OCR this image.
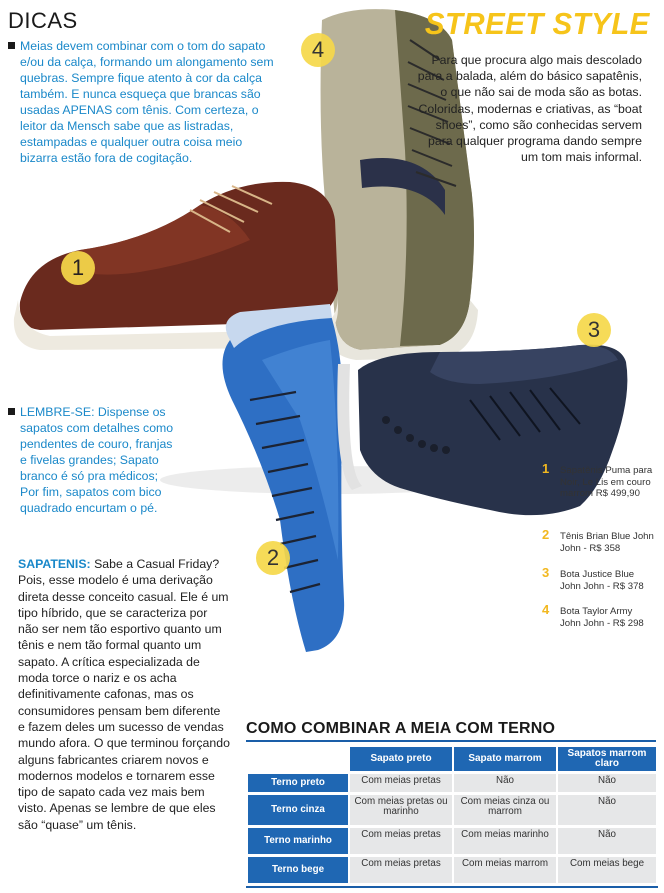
1
2
3
4
DICAS
Meias devem combinar com o tom do sapato e/ou da calça, formando um alongamento sem quebras. Sempre fique atento à cor da calça também. E nunca esqueça que brancas são usadas APENAS com tênis. Com certeza, o leitor da Mensch sabe que as listradas, estampadas e qualquer outra coisa meio bizarra estão fora de cogitação.
LEMBRE-SE: Dispense os sapatos com detalhes como pendentes de couro, franjas e fivelas grandes; Sapato branco é só pra médicos; Por fim, sapatos com bico quadrado encurtam o pé.
STREET STYLE
Para que procura algo mais descolado para a balada, além do básico sapatênis, o que não sai de moda são as botas. Coloridas, modernas e criativas, as “boat shoes”, como são conhecidas servem para qualquer programa dando sempre um tom mais informal.
SAPATENIS: Sabe a Casual Friday? Pois, esse modelo é uma derivação direta desse conceito casual. Ele é um tipo híbrido, que se caracteriza por não ser nem tão esportivo quanto um tênis e nem tão formal quanto um sapato. A crítica especializada de moda torce o nariz e os acha definitivamente cafonas, mas os consumidores pensam bem diferente e fazem deles um sucesso de vendas mundo afora. O que terminou forçando alguns fabricantes criarem novos e modernos modelos e tornarem esse tipo de sapato cada vez mais bem visto. Apenas se lembre de que eles são “quase” um tênis.
1 Sapatênis Puma para Noir, Le Lis em couro marrom R$ 499,90
2 Tênis Brian Blue John John - R$ 358
3 Bota Justice Blue John John - R$ 378
4 Bota Taylor Army John John - R$ 298
COMO COMBINAR A MEIA COM TERNO
	Sapato preto	Sapato marrom	Sapatos marrom claro
Terno preto	Com meias pretas	Não	Não
Terno cinza	Com meias pretas ou marinho	Com meias cinza ou marrom	Não
Terno marinho	Com meias pretas	Com meias marinho	Não
Terno bege	Com meias pretas	Com meias marrom	Com meias bege
